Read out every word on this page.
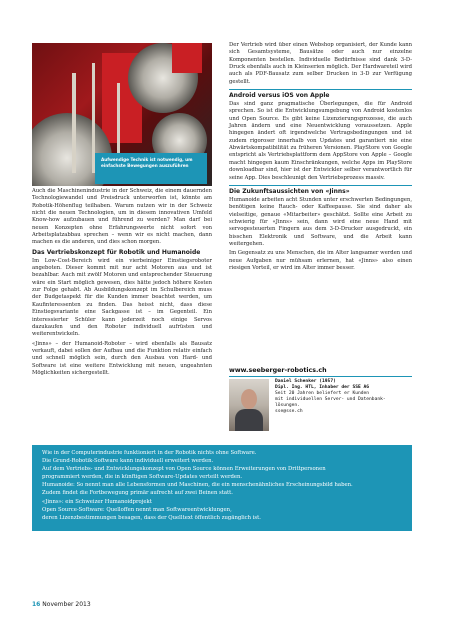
Aufwendige Technik ist notwendig, um
einfachste Bewegungen auszuführen

Auch die Maschinenindustrie in der Schweiz, die einem dauernden Technologiewandel und Preisdruck unterworfen ist, könnte am Robotik-Höhenflug teilhaben. Warum nutzen wir in der Schweiz nicht die neuen Technologien, um in diesem innovativen Umfeld Know-how aufzubauen und führend zu werden? Man darf bei neuen Konzepten ohne Erfahrungswerte nicht sofort von Arbeitsplatzabbau sprechen – wenn wir es nicht machen, dann machen es die anderen, und dies schon morgen.

Das Vertriebskonzept für Robotik und Humanoide

Im Low-Cost-Bereich wird ein vierbeiniger Einstiegsroboter angeboten. Dieser kommt mit nur acht Motoren aus und ist bezahlbar. Auch mit zwölf Motoren und entsprechender Steuerung wäre ein Start möglich gewesen, dies hätte jedoch höhere Kosten zur Folge gehabt. Ab Ausbildungskonzept im Schulbereich muss der Budgetaspekt für die Kunden immer beachtet werden, um Kaufinteressenten zu finden. Das heisst nicht, dass diese Einstiegsvariante eine Sackgasse ist – im Gegenteil. Ein interessierter Schüler kann jederzeit noch einige Servos dazukaufen und den Roboter individuell aufrüsten und weiterentwickeln.

«Jinns» – der Humanoid-Roboter – wird ebenfalls als Bausatz verkauft, dabei sollen der Aufbau und die Funktion relativ einfach und schnell möglich sein, durch den Ausbau von Hard- und Software ist eine weitere Entwicklung mit neuen, ungeahnten Möglichkeiten sichergestellt.

Der Vertrieb wird über einen Webshop organisiert, der Kunde kann sich Gesamtsysteme, Bausätze oder auch nur einzelne Komponenten bestellen. Individuelle Bedürfnisse sind dank 3-D-Druck ebenfalls auch in Kleinserien möglich. Der Hardwareteil wird auch als PDF-Bausatz zum selber Drucken in 3-D zur Verfügung gestellt.

Android versus iOS von Apple

Das sind ganz pragmatische Überlegungen, die für Android sprechen. So ist die Entwicklungsumgebung von Android kostenlos und Open Source. Es gibt keine Lizenzierungsprozesse, die auch Jahren ändern und eine Neuentwicklung voraussetzen. Apple hingegen ändert oft irgendwelche Vertragsbedingungen und ist zudem rigoroser innerhalb von Updates und garantiert nie eine Abwärtskompatibilität zu früheren Versionen. PlayStore von Google entspricht als Vertriebsplattform dem AppStore von Apple – Google macht hingegen kaum Einschränkungen, welche Apps im PlayStore downloadbar sind, hier ist der Entwickler selber verantwortlich für seine App. Dies beschleunigt den Vertriebsprozess massiv.

Die Zukunftsaussichten von «Jinns»

Humanoide arbeiten acht Stunden unter erschwerten Bedingungen, benötigen keine Rauch- oder Kaffeepause. Sie sind daher als vielseitige, genaue «Mitarbeiter» geschätzt. Sollte eine Arbeit zu schwierig für «Jinns» sein, dann wird eine neue Hand mit servogesteuerten Fingern aus dem 3-D-Drucker ausgedruckt, ein bisschen Elektronik und Software, und die Arbeit kann weitergehen.

Im Gegensatz zu uns Menschen, die im Alter langsamer werden und neue Aufgaben nur mühsam erlernen, hat «Jinns» also einen riesigen Vorteil, er wird im Alter immer besser.

www.seeberger-robotics.ch
Daniel Schenker (1957)
Dipl. Ing. HTL, Inhaber der SSE AG
Seit 20 Jahren beliefert er Kunden
mit individuellen Server- und Datenbank-
lösungen.
sse@sse.ch
Wie in der Computerindustrie funktioniert in der Robotik nichts ohne Software.
Die Grund-Robotik-Software kann individuell erweitert werden.
Auf dem Vertriebs- und Entwicklungskonzept von Open Source können Erweiterungen von Drittpersonen
programmiert werden, die in künftigen Software-Updates verteilt werden.
Humanoide: So nennt man alle Lebensformen und Maschinen, die ein menschenähnliches Erscheinungsbild haben.
Zudem findet die Fortbewegung primär aufrecht auf zwei Beinen statt.
«Jinns»: ein Schweizer Humanoidprojekt
Open Source-Software: Quelloffen nennt man Softwareentwicklungen,
deren Lizenzbestimmungen besagen, dass der Quelltext öffentlich zugänglich ist.
16 November 2013
